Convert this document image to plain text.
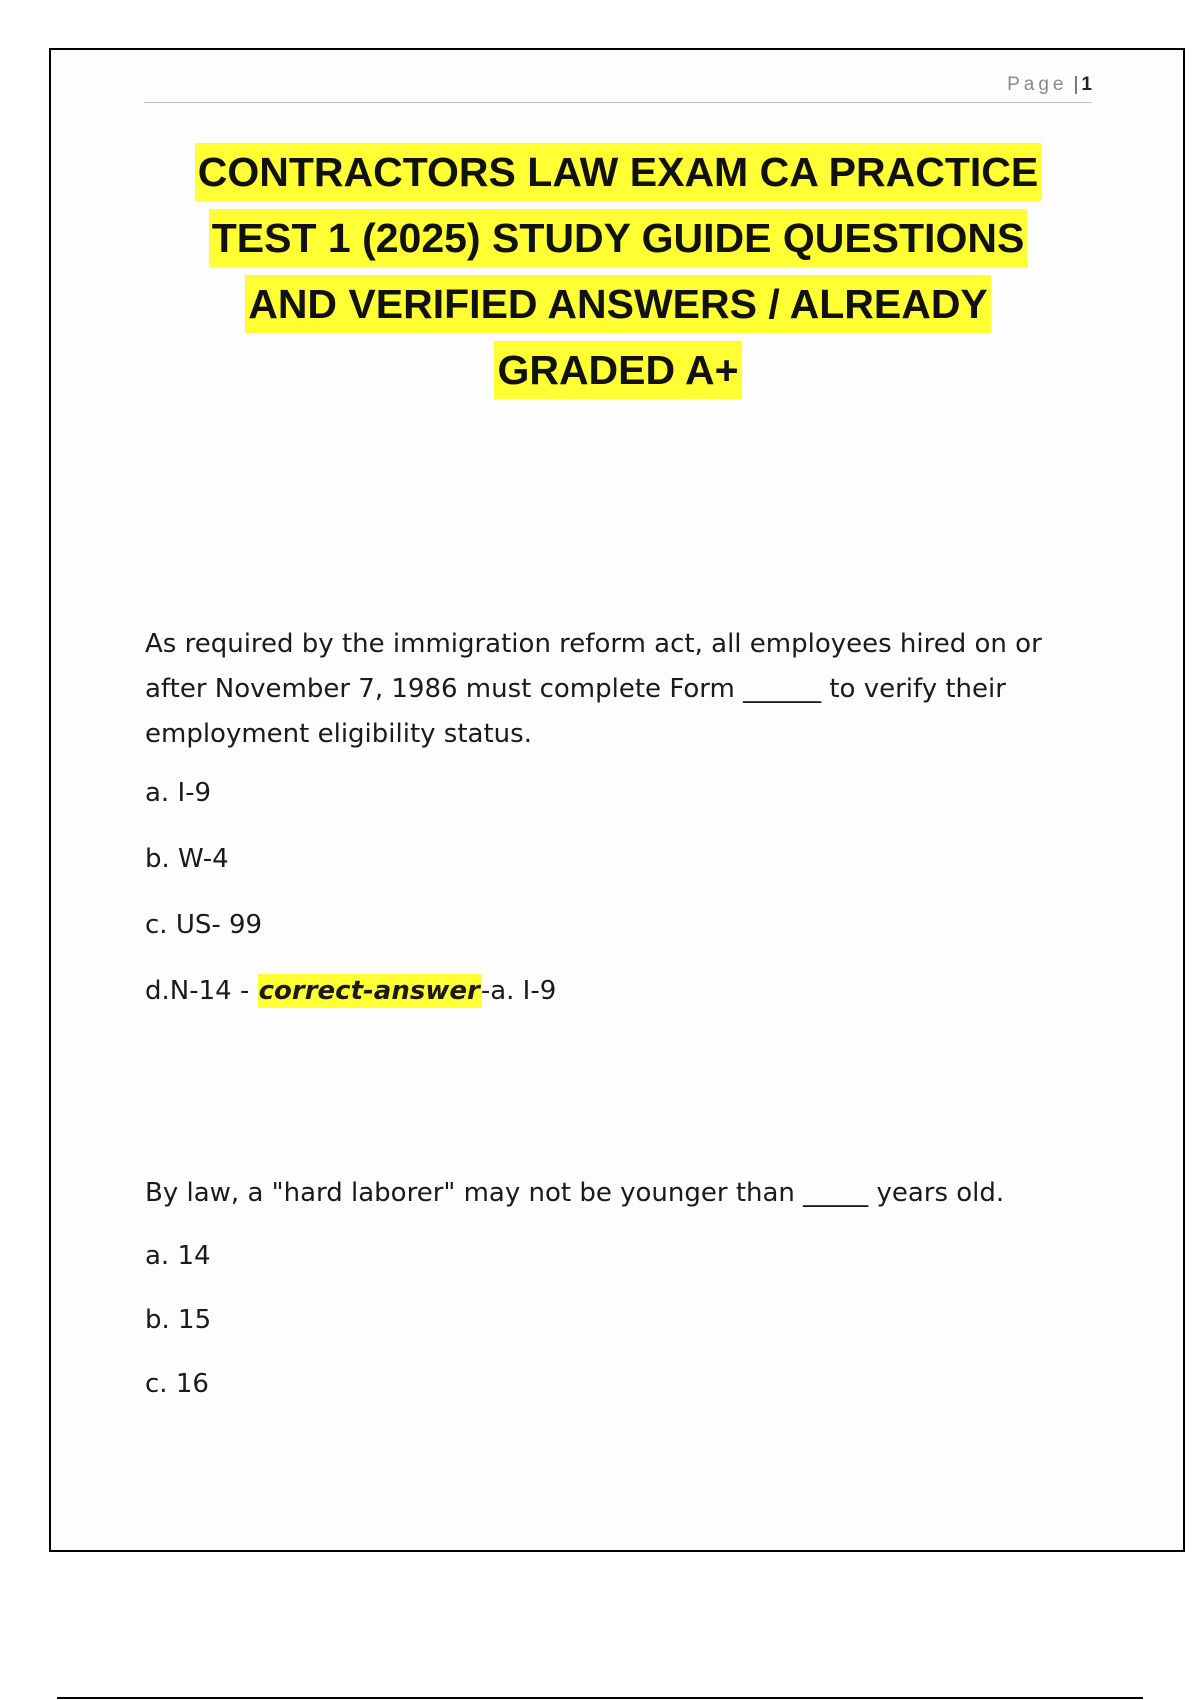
Page | 1
CONTRACTORS LAW EXAM CA PRACTICE
TEST 1 (2025) STUDY GUIDE QUESTIONS
AND VERIFIED ANSWERS / ALREADY
GRADED A+
As required by the immigration reform act, all employees hired on or after November 7, 1986 must complete Form ______ to verify their employment eligibility status.
a. I-9
b. W-4
c. US- 99
d.N-14 - correct-answer-a. I-9
By law, a "hard laborer" may not be younger than _____ years old.
a. 14
b. 15
c. 16
